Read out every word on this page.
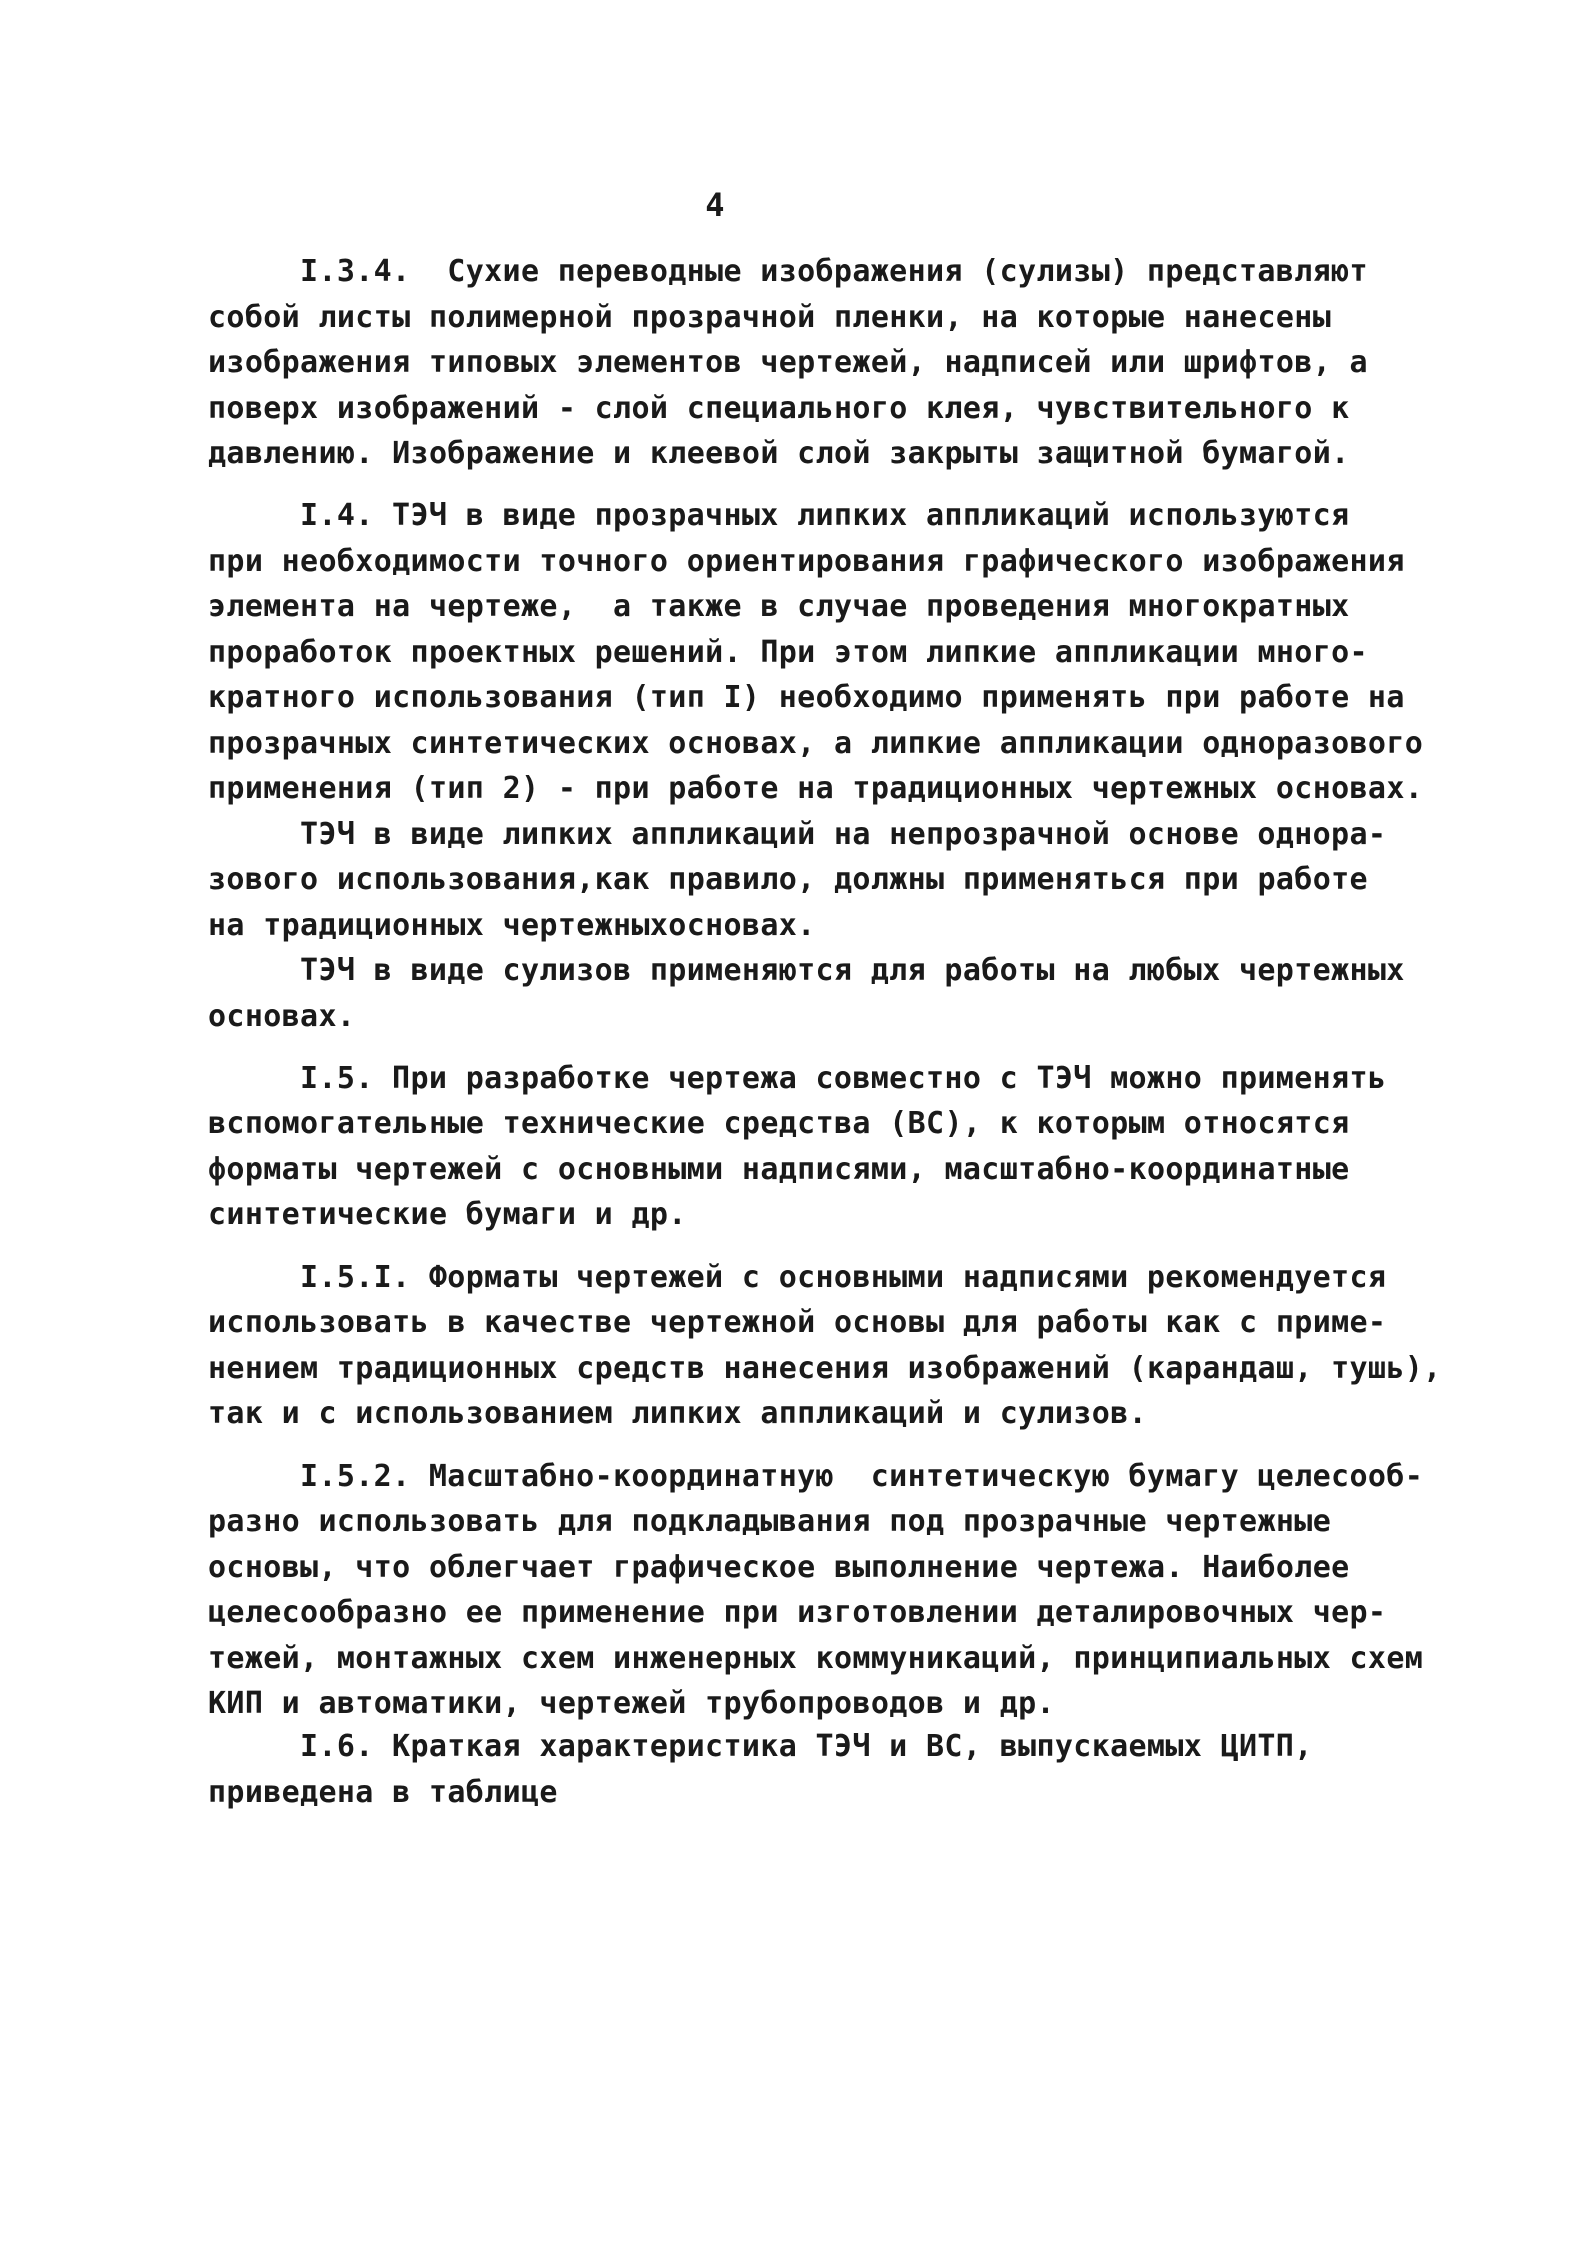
4
I.3.4.  Сухие переводные изображения (сулизы) представляют
собой листы полимерной прозрачной пленки, на которые нанесены
изображения типовых элементов чертежей, надписей или шрифтов, а
поверх изображений - слой специального клея, чувствительного к
давлению. Изображение и клеевой слой закрыты защитной бумагой.
I.4. ТЭЧ в виде прозрачных липких аппликаций используются
при необходимости точного ориентирования графического изображения
элемента на чертеже,  а также в случае проведения многократных
проработок проектных решений. При этом липкие аппликации много-
кратного использования (тип I) необходимо применять при работе на
прозрачных синтетических основах, а липкие аппликации одноразового
применения (тип 2) - при работе на традиционных чертежных основах.
ТЭЧ в виде липких аппликаций на непрозрачной основе однора-
зового использования,как правило, должны применяться при работе
на традиционных чертежныхосновах.
ТЭЧ в виде сулизов применяются для работы на любых чертежных
основах.
I.5. При разработке чертежа совместно с ТЭЧ можно применять
вспомогательные технические средства (ВС), к которым относятся
форматы чертежей с основными надписями, масштабно-координатные
синтетические бумаги и др.
I.5.I. Форматы чертежей с основными надписями рекомендуется
использовать в качестве чертежной основы для работы как с приме-
нением традиционных средств нанесения изображений (карандаш, тушь),
так и с использованием липких аппликаций и сулизов.
I.5.2. Масштабно-координатную  синтетическую бумагу целесооб-
разно использовать для подкладывания под прозрачные чертежные
основы, что облегчает графическое выполнение чертежа. Наиболее
целесообразно ее применение при изготовлении деталировочных чер-
тежей, монтажных схем инженерных коммуникаций, принципиальных схем
КИП и автоматики, чертежей трубопроводов и др.
I.6. Краткая характеристика ТЭЧ и ВС, выпускаемых ЦИТП,
приведена в таблице
